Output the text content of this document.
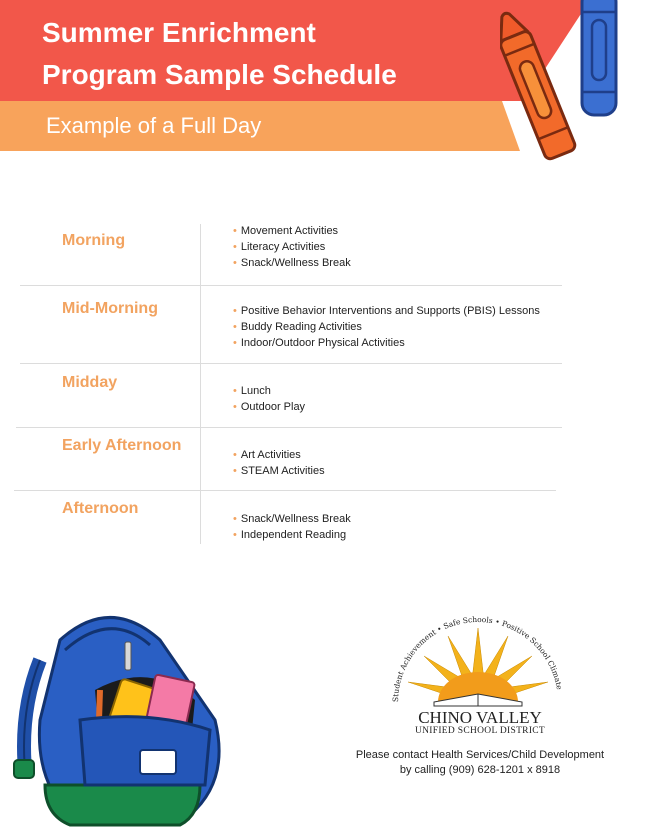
Summer Enrichment
Program Sample Schedule
Example of a Full Day
Morning
• Movement Activities
• Literacy Activities
• Snack/Wellness Break
Mid-Morning	• Positive Behavior Interventions and Supports (PBIS) Lessons
• Buddy Reading Activities
• Indoor/Outdoor Physical Activities
Midday	• Lunch
• Outdoor Play
Early Afternoon
• Art Activities
• STEAM Activities
Afternoon
• Snack/Wellness Break
• Independent Reading
Student Achievement • Safe Schools • Positive School Climate
CHINO VALLEY
UNIFIED SCHOOL DISTRICT
Please contact Health Services/Child Development
by calling (909) 628-1201 x 8918
